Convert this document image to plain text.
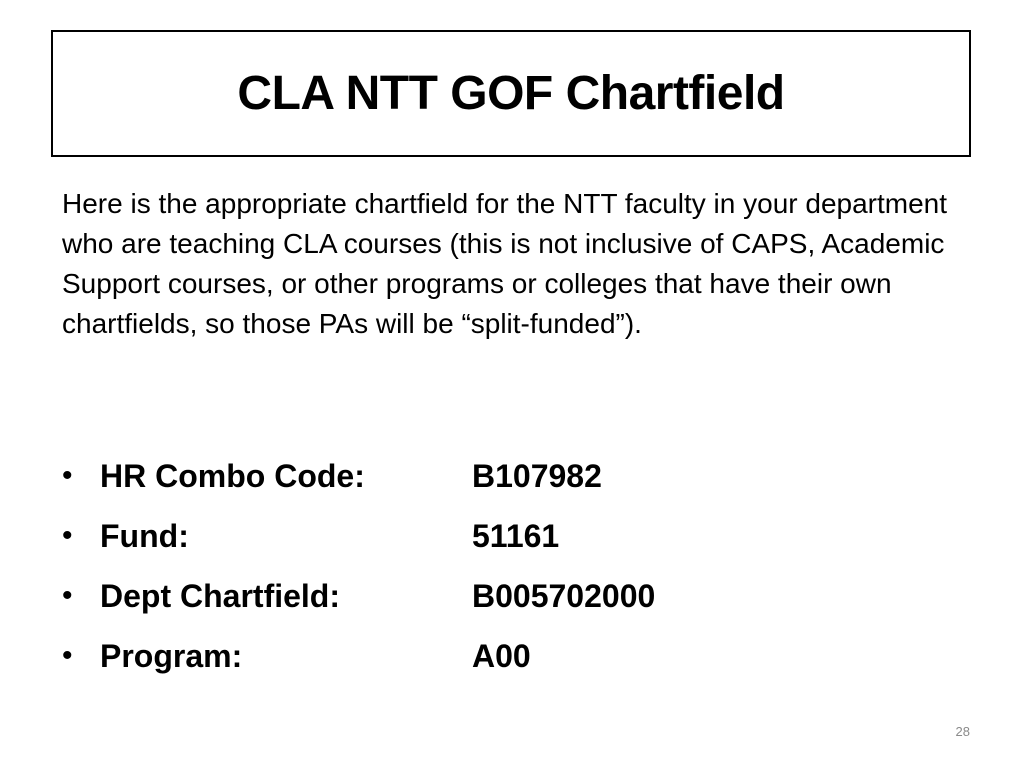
CLA NTT GOF Chartfield

Here is the appropriate chartfield for the NTT faculty in your department who are teaching CLA courses (this is not inclusive of CAPS, Academic Support courses, or other programs or colleges that have their own chartfields, so those PAs will be “split-funded”).

• HR Combo Code:	B107982
• Fund:	51161
• Dept Chartfield:	B005702000
• Program:	A00
28
